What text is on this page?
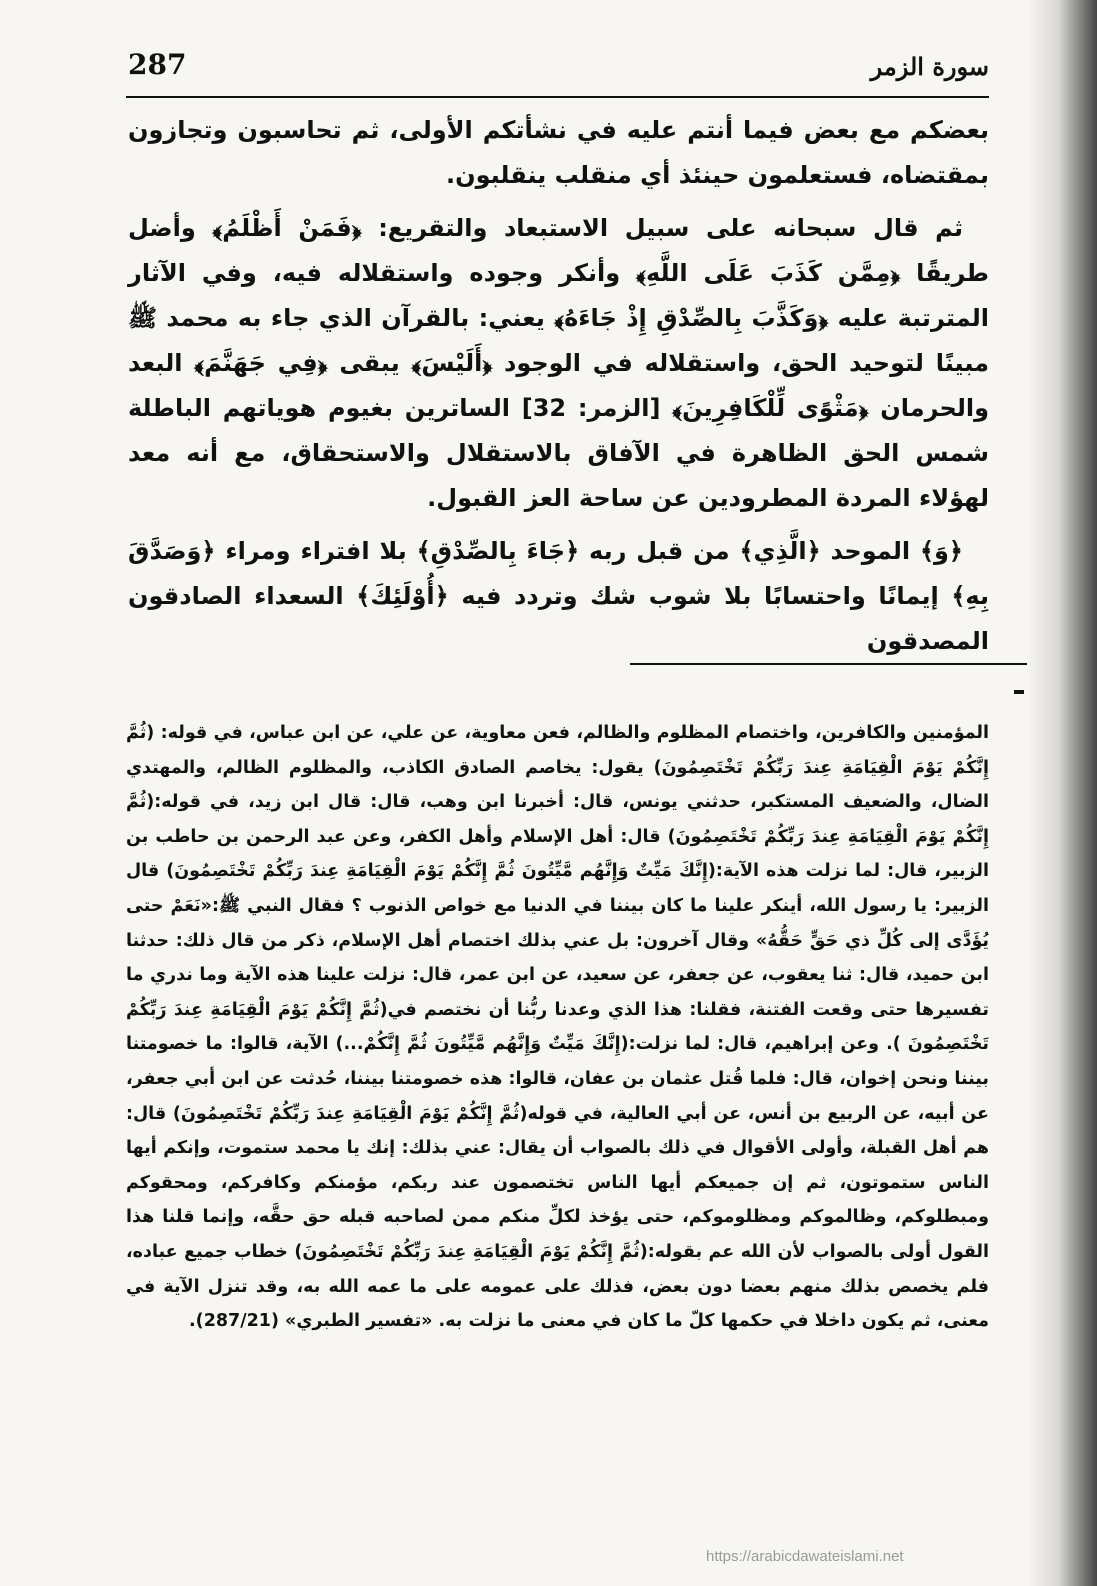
287	سورة الزمر

بعضكم مع بعض فيما أنتم عليه في نشأتكم الأولى، ثم تحاسبون وتجازون بمقتضاه، فستعلمون حينئذ أي منقلب ينقلبون.

ثم قال سبحانه على سبيل الاستبعاد والتقريع: ﴿فَمَنْ أَظْلَمُ﴾ وأضل طريقًا ﴿مِمَّن كَذَبَ عَلَى اللَّهِ﴾ وأنكر وجوده واستقلاله فيه، وفي الآثار المترتبة عليه ﴿وَكَذَّبَ بِالصِّدْقِ إِذْ جَاءَهُ﴾ يعني: بالقرآن الذي جاء به محمد ﷺ مبينًا لتوحيد الحق، واستقلاله في الوجود ﴿أَلَيْسَ﴾ يبقى ﴿فِي جَهَنَّمَ﴾ البعد والحرمان ﴿مَثْوًى لِّلْكَافِرِينَ﴾ [الزمر: 32] الساترين بغيوم هوياتهم الباطلة شمس الحق الظاهرة في الآفاق بالاستقلال والاستحقاق، مع أنه معد لهؤلاء المردة المطرودين عن ساحة العز القبول.

﴿وَ﴾ الموحد ﴿الَّذِي﴾ من قبل ربه ﴿جَاءَ بِالصِّدْقِ﴾ بلا افتراء ومراء ﴿وَصَدَّقَ بِهِ﴾ إيمانًا واحتسابًا بلا شوب شك وتردد فيه ﴿أُوْلَئِكَ﴾ السعداء الصادقون المصدقون

المؤمنين والكافرين، واختصام المظلوم والظالم، فعن معاوية، عن علي، عن ابن عباس، في قوله: (ثُمَّ إِنَّكُمْ يَوْمَ الْقِيَامَةِ عِندَ رَبِّكُمْ تَخْتَصِمُونَ) يقول: يخاصم الصادق الكاذب، والمظلوم الظالم، والمهتدي الضال، والضعيف المستكبر، حدثني يونس، قال: أخبرنا ابن وهب، قال: قال ابن زيد، في قوله:(ثُمَّ إِنَّكُمْ يَوْمَ الْقِيَامَةِ عِندَ رَبِّكُمْ تَخْتَصِمُونَ) قال: أهل الإسلام وأهل الكفر، وعن عبد الرحمن بن حاطب بن الزبير، قال: لما نزلت هذه الآية:(إِنَّكَ مَيِّتٌ وَإِنَّهُم مَّيِّتُونَ ثُمَّ إِنَّكُمْ يَوْمَ الْقِيَامَةِ عِندَ رَبِّكُمْ تَخْتَصِمُونَ) قال الزبير: يا رسول الله، أينكر علينا ما كان بيننا في الدنيا مع خواص الذنوب ؟ فقال النبي ﷺ:«نَعَمْ حتى يُؤَدَّى إلى كُلِّ ذي حَقٍّ حَقُّهُ» وقال آخرون: بل عني بذلك اختصام أهل الإسلام، ذكر من قال ذلك: حدثنا ابن حميد، قال: ثنا يعقوب، عن جعفر، عن سعيد، عن ابن عمر، قال: نزلت علينا هذه الآية وما ندري ما تفسيرها حتى وقعت الفتنة، فقلنا: هذا الذي وعدنا ربُّنا أن نختصم في(ثُمَّ إِنَّكُمْ يَوْمَ الْقِيَامَةِ عِندَ رَبِّكُمْ تَخْتَصِمُونَ ). وعن إبراهيم، قال: لما نزلت:(إِنَّكَ مَيِّتٌ وَإِنَّهُم مَّيِّتُونَ ثُمَّ إِنَّكُمْ...) الآية، قالوا: ما خصومتنا بيننا ونحن إخوان، قال: فلما قُتل عثمان بن عفان، قالوا: هذه خصومتنا بيننا، حُدثت عن ابن أبي جعفر، عن أبيه، عن الربيع بن أنس، عن أبي العالية، في قوله(ثُمَّ إِنَّكُمْ يَوْمَ الْقِيَامَةِ عِندَ رَبِّكُمْ تَخْتَصِمُونَ) قال: هم أهل القبلة، وأولى الأقوال في ذلك بالصواب أن يقال: عني بذلك: إنك يا محمد ستموت، وإنكم أيها الناس ستموتون، ثم إن جميعكم أيها الناس تختصمون عند ربكم، مؤمنكم وكافركم، ومحقوكم ومبطلوكم، وظالموكم ومظلوموكم، حتى يؤخذ لكلِّ منكم ممن لصاحبه قبله حق حقَّه، وإنما قلنا هذا القول أولى بالصواب لأن الله عم بقوله:(ثُمَّ إِنَّكُمْ يَوْمَ الْقِيَامَةِ عِندَ رَبِّكُمْ تَخْتَصِمُونَ) خطاب جميع عباده، فلم يخصص بذلك منهم بعضا دون بعض، فذلك على عمومه على ما عمه الله به، وقد تنزل الآية في معنى، ثم يكون داخلا في حكمها كلّ ما كان في معنى ما نزلت به. «تفسير الطبري» (287/21).

https://arabicdawateislami.net
